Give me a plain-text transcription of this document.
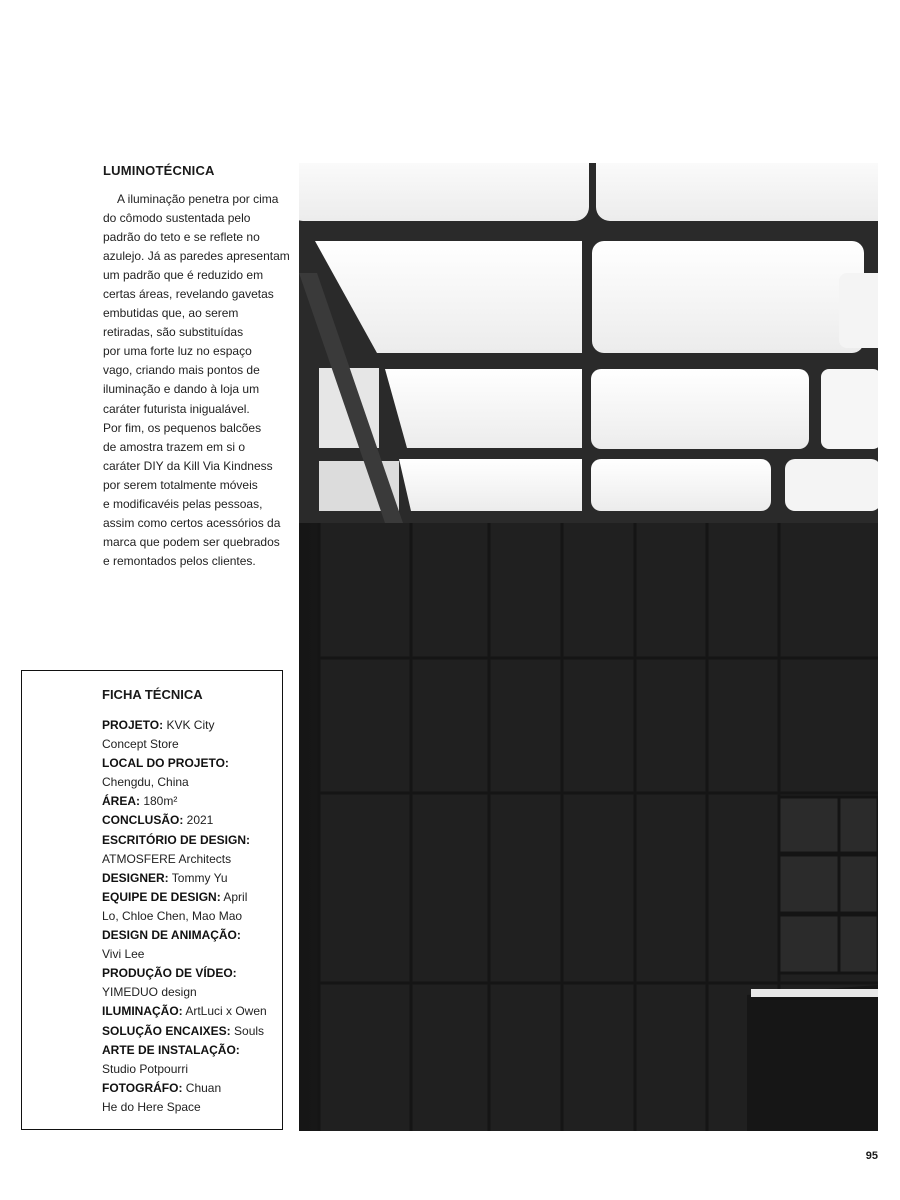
LUMINOTÉCNICA
A iluminação penetra por cima
do cômodo sustentada pelo
padrão do teto e se reflete no
azulejo. Já as paredes apresentam
um padrão que é reduzido em
certas áreas, revelando gavetas
embutidas que, ao serem
retiradas, são substituídas
por uma forte luz no espaço
vago, criando mais pontos de
iluminação e dando à loja um
caráter futurista inigualável.
Por fim, os pequenos balcões
de amostra trazem em si o
caráter DIY da Kill Via Kindness
por serem totalmente móveis
e modificavéis pelas pessoas,
assim como certos acessórios da
marca que podem ser quebrados
e remontados pelos clientes.
FICHA TÉCNICA
PROJETO: KVK City
Concept Store
LOCAL DO PROJETO:
Chengdu, China
ÁREA: 180m²
CONCLUSÃO: 2021
ESCRITÓRIO DE DESIGN:
ATMOSFERE Architects
DESIGNER: Tommy Yu
EQUIPE DE DESIGN: April
Lo, Chloe Chen, Mao Mao
DESIGN DE ANIMAÇÃO:
Vivi Lee
PRODUÇÃO DE VÍDEO:
YIMEDUO design
ILUMINAÇÃO: ArtLuci x Owen
SOLUÇÃO ENCAIXES: Souls
ARTE DE INSTALAÇÃO:
Studio Potpourri
FOTOGRÁFO: Chuan
He do Here Space
95
